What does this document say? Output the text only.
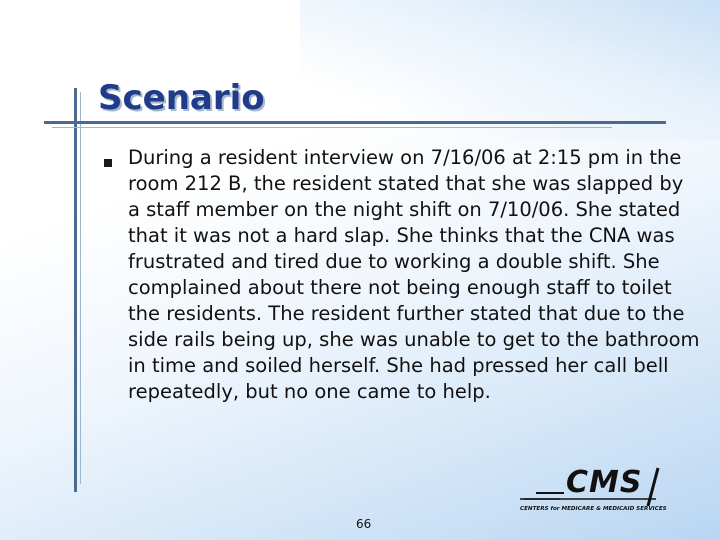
Scenario

During a resident interview on 7/16/06 at 2:15 pm in the room 212 B, the resident stated that she was slapped by a staff member on the night shift on 7/10/06. She stated that it was not a hard slap. She thinks that the CNA was frustrated and tired due to working a double shift. She complained about there not being enough staff to toilet the residents. The resident further stated that due to the side rails being up, she was unable to get to the bathroom in time and soiled herself. She had pressed her call bell repeatedly, but no one came to help.

CMS
CENTERS for MEDICARE & MEDICAID SERVICES

66
